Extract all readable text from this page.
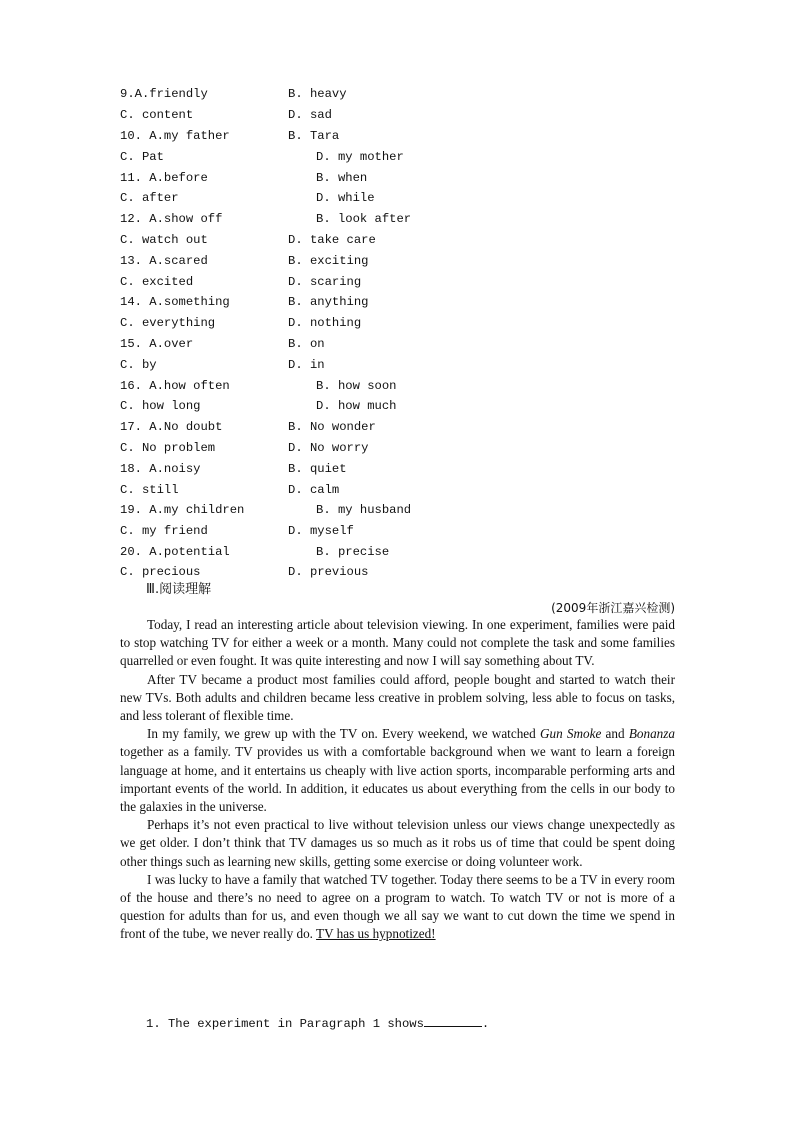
9.A.friendly	B. heavy
C. content	D. sad
10. A.my father	B. Tara
C. Pat	D. my mother
11. A.before	B. when
C. after	D. while
12. A.show off	B. look after
C. watch out	D. take care
13. A.scared	B. exciting
C. excited	D. scaring
14. A.something	B. anything
C. everything	D. nothing
15. A.over	B. on
C. by	D. in
16. A.how often	B. how soon
C. how long	D. how much
17. A.No doubt	B. No wonder
C. No problem	D. No worry
18. A.noisy	B. quiet
C. still	D. calm
19. A.my children	B. my husband
C. my friend	D. myself
20. A.potential	B. precise
C. precious	D. previous
Ⅲ.阅读理解
(2009年浙江嘉兴检测)

Today, I read an interesting article about television viewing. In one experiment, families were paid to stop watching TV for either a week or a month. Many could not complete the task and some families quarrelled or even fought. It was quite interesting and now I will say something about TV.

After TV became a product most families could afford, people bought and started to watch their new TVs. Both adults and children became less creative in problem solving, less able to focus on tasks, and less tolerant of flexible time.

In my family, we grew up with the TV on. Every weekend, we watched Gun Smoke and Bonanza together as a family. TV provides us with a comfortable background when we want to learn a foreign language at home, and it entertains us cheaply with live action sports, incomparable performing arts and important events of the world. In addition, it educates us about everything from the cells in our body to the galaxies in the universe.

Perhaps it’s not even practical to live without television unless our views change unexpectedly as we get older. I don’t think that TV damages us so much as it robs us of time that could be spent doing other things such as learning new skills, getting some exercise or doing volunteer work.

I was lucky to have a family that watched TV together. Today there seems to be a TV in every room of the house and there’s no need to agree on a program to watch. To watch TV or not is more of a question for adults than for us, and even though we all say we want to cut down the time we spend in front of the tube, we never really do. TV has us hypnotized!

1. The experiment in Paragraph 1 shows	.
